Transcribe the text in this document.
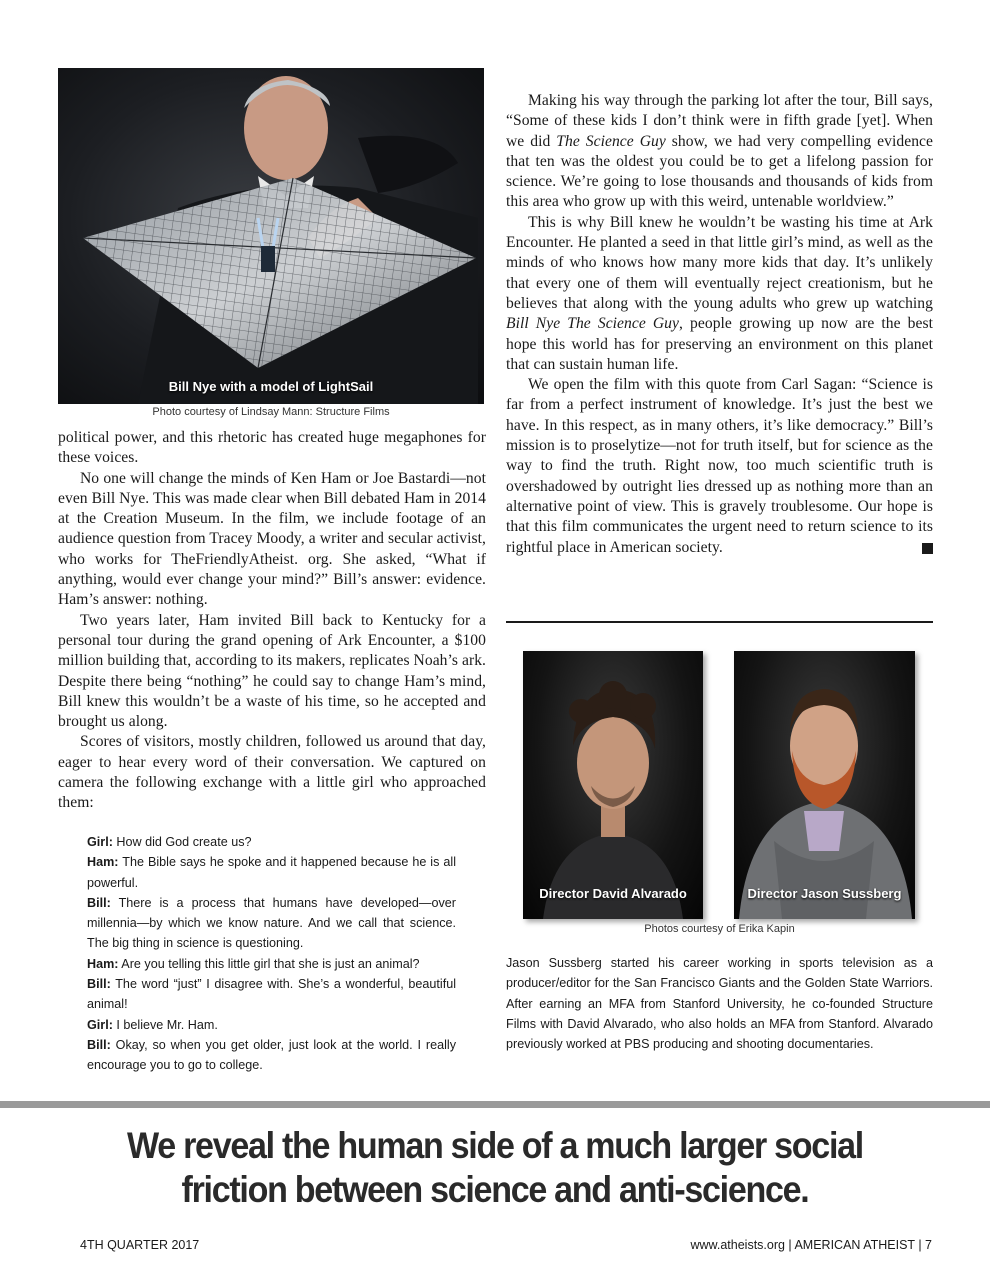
Bill Nye with a model of LightSail
Photo courtesy of Lindsay Mann: Structure Films

political power, and this rhetoric has created huge megaphones for these voices.

No one will change the minds of Ken Ham or Joe Bastardi—not even Bill Nye. This was made clear when Bill debated Ham in 2014 at the Creation Museum. In the film, we include footage of an audience question from Tracey Moody, a writer and secular activist, who works for TheFriendlyAtheist. org. She asked, “What if anything, would ever change your mind?” Bill’s answer: evidence. Ham’s answer: nothing.

Two years later, Ham invited Bill back to Kentucky for a personal tour during the grand opening of Ark Encounter, a $100 million building that, according to its makers, replicates Noah’s ark. Despite there being “nothing” he could say to change Ham’s mind, Bill knew this wouldn’t be a waste of his time, so he accepted and brought us along.

Scores of visitors, mostly children, followed us around that day, eager to hear every word of their conversation. We captured on camera the following exchange with a little girl who approached them:

Girl: How did God create us?

Ham: The Bible says he spoke and it happened because he is all powerful.

Bill: There is a process that humans have developed—over millennia—by which we know nature. And we call that science. The big thing in science is questioning.

Ham: Are you telling this little girl that she is just an animal?

Bill: The word “just” I disagree with. She’s a wonderful, beautiful animal!

Girl: I believe Mr. Ham.

Bill: Okay, so when you get older, just look at the world. I really encourage you to go to college.

Making his way through the parking lot after the tour, Bill says, “Some of these kids I don’t think were in fifth grade [yet]. When we did The Science Guy show, we had very compelling evidence that ten was the oldest you could be to get a lifelong passion for science. We’re going to lose thousands and thousands of kids from this area who grow up with this weird, untenable worldview.”

This is why Bill knew he wouldn’t be wasting his time at Ark Encounter. He planted a seed in that little girl’s mind, as well as the minds of who knows how many more kids that day. It’s unlikely that every one of them will eventually reject creationism, but he believes that along with the young adults who grew up watching Bill Nye The Science Guy, people growing up now are the best hope this world has for preserving an environment on this planet that can sustain human life.

We open the film with this quote from Carl Sagan: “Science is far from a perfect instrument of knowledge. It’s just the best we have. In this respect, as in many others, it’s like democracy.” Bill’s mission is to proselytize—not for truth itself, but for science as the way to find the truth. Right now, too much scientific truth is overshadowed by outright lies dressed up as nothing more than an alternative point of view. This is gravely troublesome. Our hope is that this film communicates the urgent need to return science to its rightful place in American society.

Director David Alvarado	Director Jason Sussberg
Photos courtesy of Erika Kapin

Jason Sussberg started his career working in sports television as a producer/editor for the San Francisco Giants and the Golden State Warriors. After earning an MFA from Stanford University, he co-founded Structure Films with David Alvarado, who also holds an MFA from Stanford. Alvarado previously worked at PBS producing and shooting documentaries.

We reveal the human side of a much larger social
friction between science and anti-science.
4TH QUARTER 2017	www.atheists.org | AMERICAN ATHEIST | 7
